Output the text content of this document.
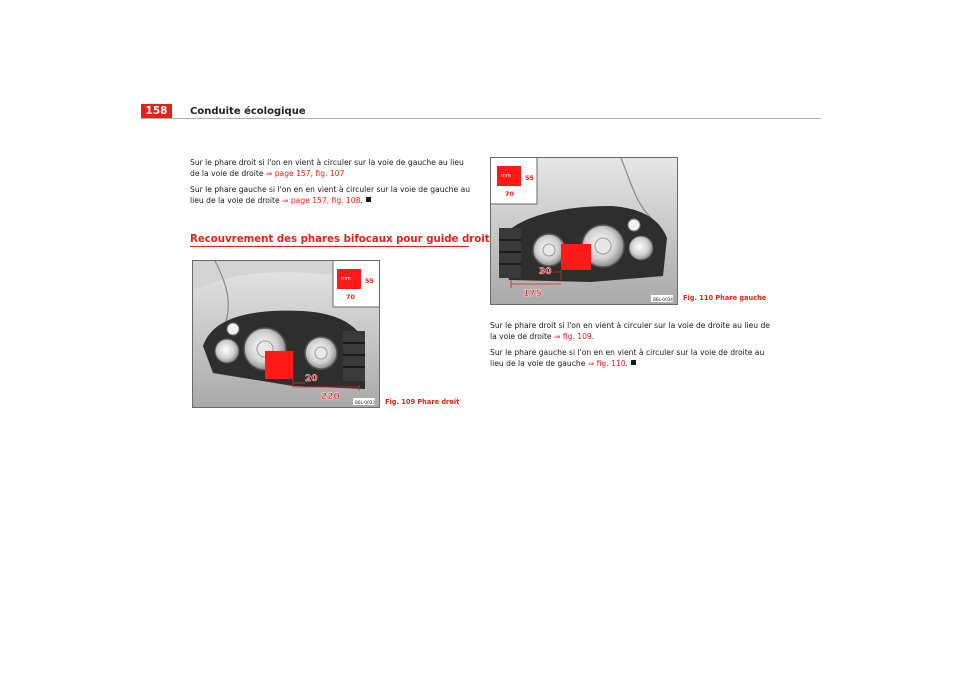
158	Conduite écologique

Sur le phare droit si l'on en vient à circuler sur la voie de gauche au lieu de la voie de droite ⇒ page 157, fig. 107

Sur le phare gauche si l'on en en vient à circuler sur la voie de gauche au lieu de la voie de droite ⇒ page 157, fig. 108.

Recouvrement des phares bifocaux pour guide droit
20
220
mm 55
70
B6L-0033 Fig. 109 Phare droit
30
175
mm 55
70
B6L-0034 Fig. 110 Phare gauche

Sur le phare droit si l'on en vient à circuler sur la voie de droite au lieu de la voie de droite ⇒ fig. 109.

Sur le phare gauche si l'on en en vient à circuler sur la voie de droite au lieu de la voie de gauche ⇒ fig. 110.
